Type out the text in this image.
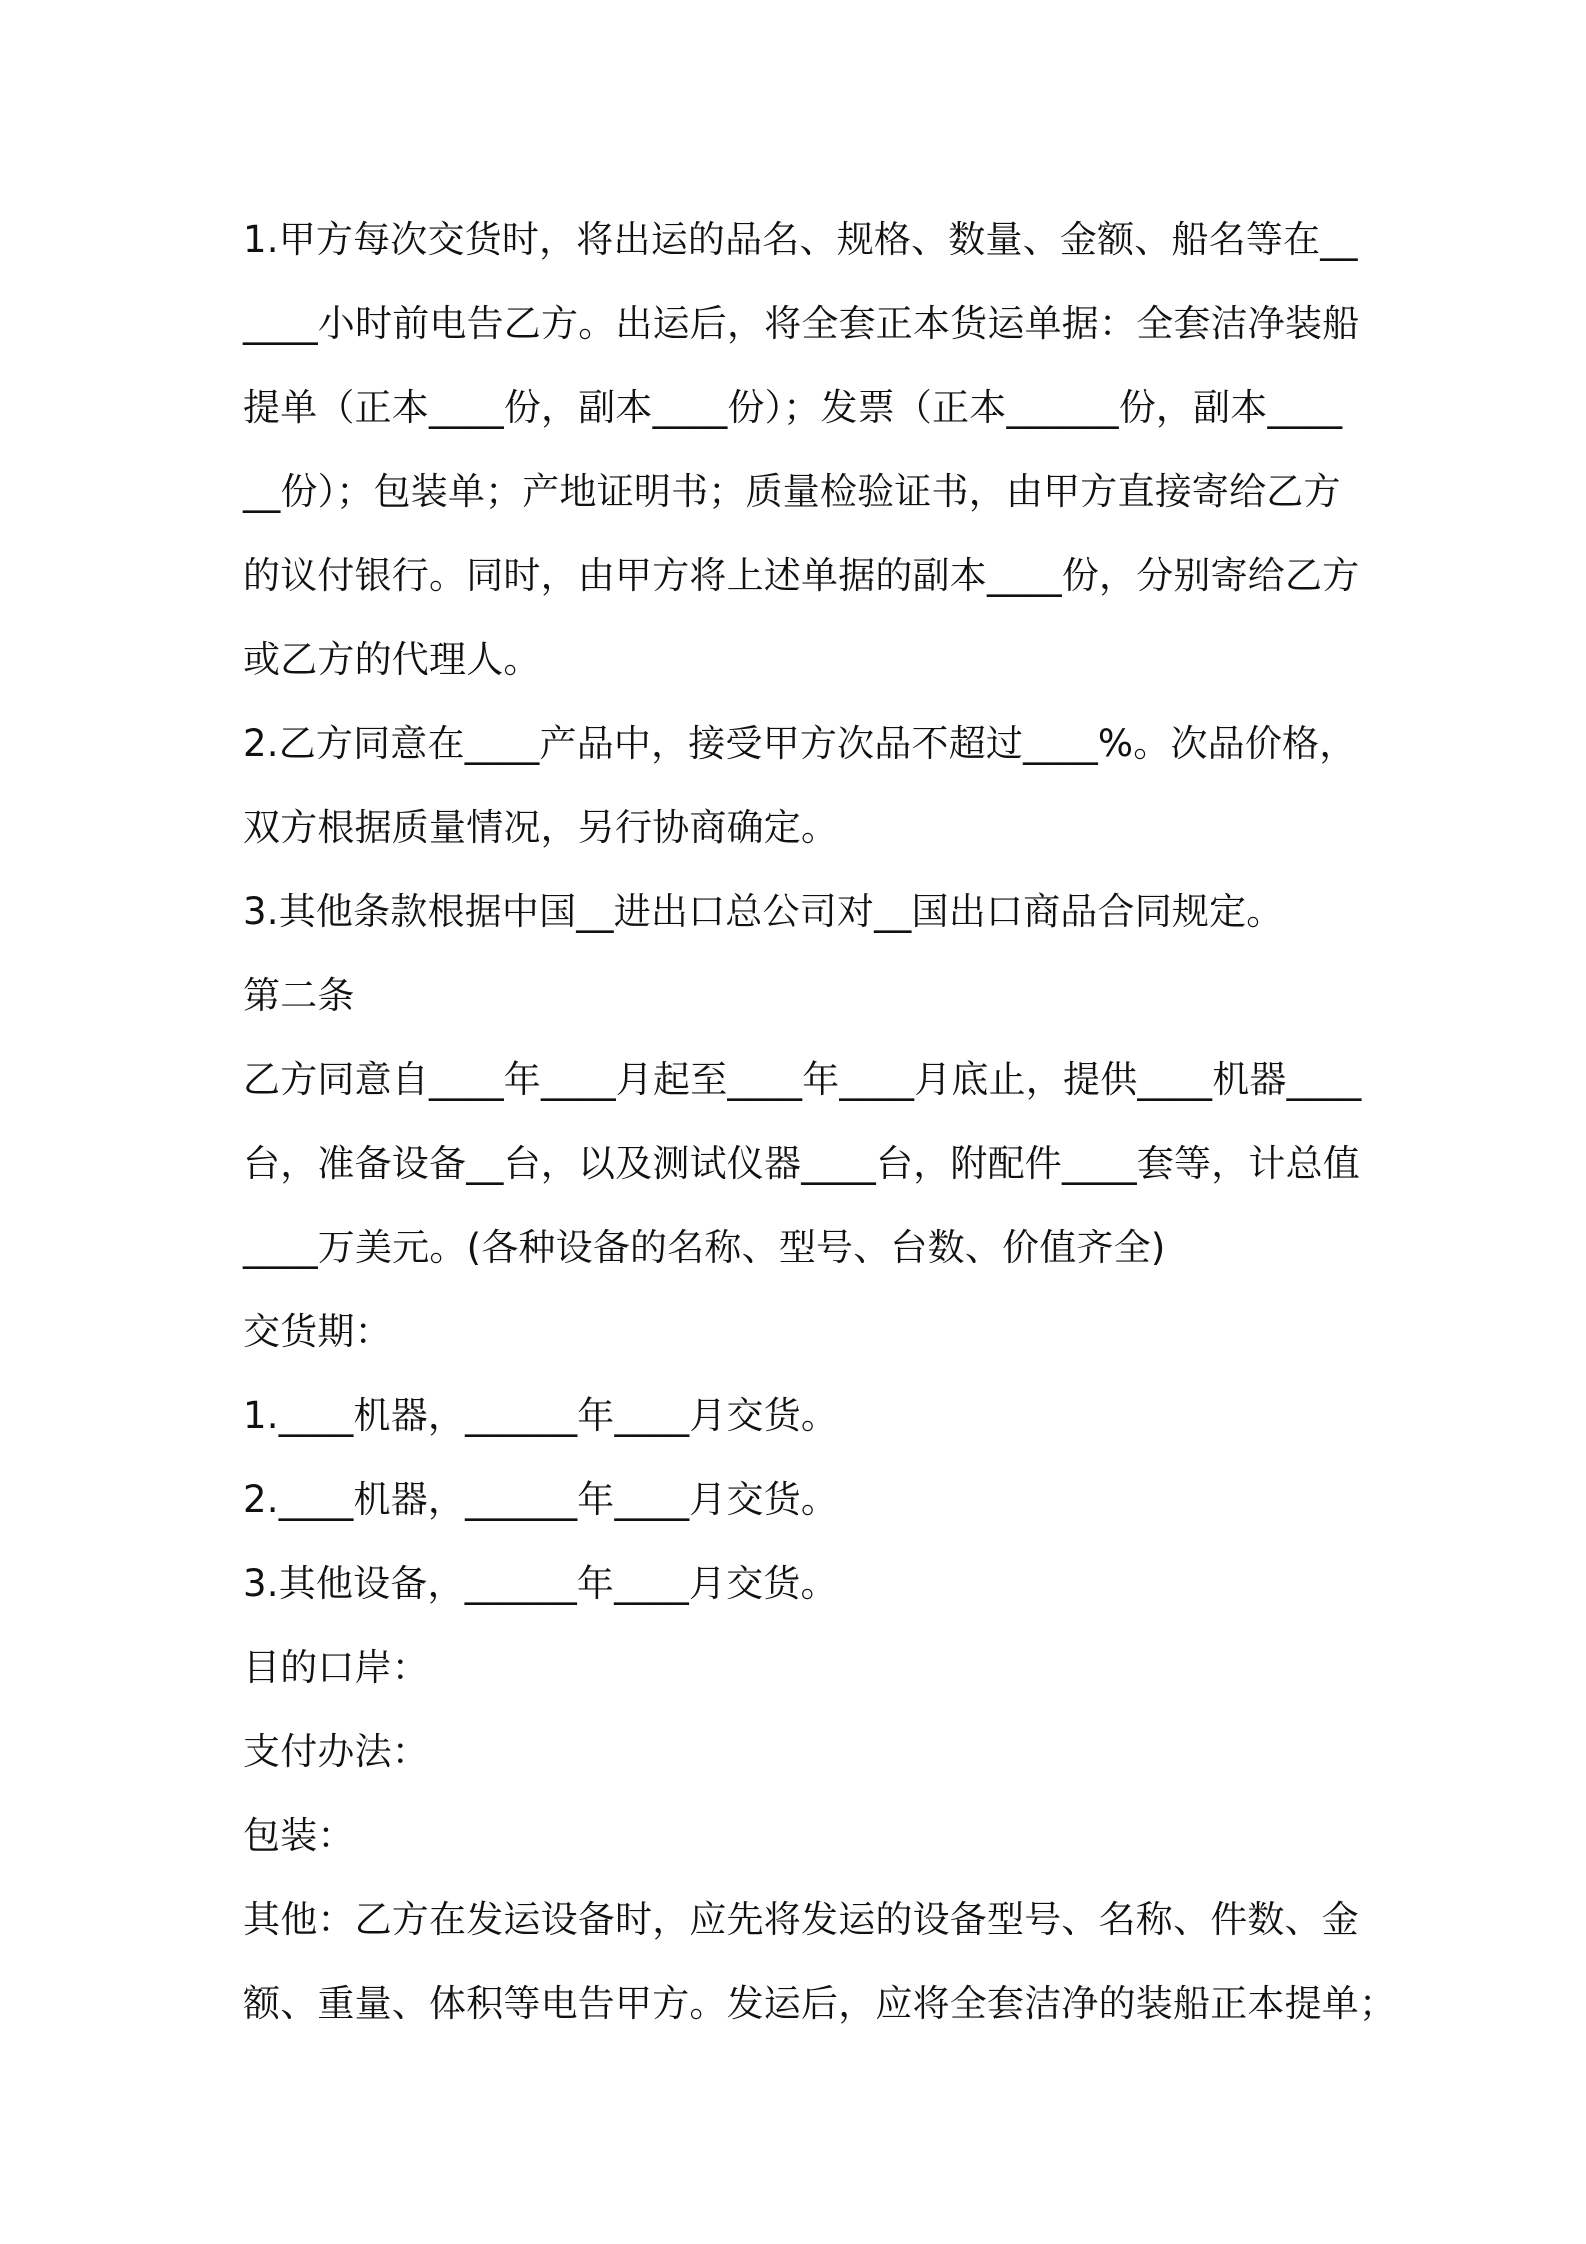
1.甲方每次交货时，将出运的品名、规格、数量、金额、船名等在__
____小时前电告乙方。出运后，将全套正本货运单据：全套洁净装船
提单（正本____份，副本____份）；发票（正本______份，副本____
__份）；包装单；产地证明书；质量检验证书，由甲方直接寄给乙方
的议付银行。同时，由甲方将上述单据的副本____份，分别寄给乙方
或乙方的代理人。
2.乙方同意在____产品中，接受甲方次品不超过____%。次品价格，
双方根据质量情况，另行协商确定。
3.其他条款根据中国__进出口总公司对__国出口商品合同规定。
第二条
乙方同意自____年____月起至____年____月底止，提供____机器____
台，准备设备__台，以及测试仪器____台，附配件____套等，计总值
____万美元。(各种设备的名称、型号、台数、价值齐全)
交货期：
1.____机器，______年____月交货。
2.____机器，______年____月交货。
3.其他设备，______年____月交货。
目的口岸：
支付办法：
包装：
其他：乙方在发运设备时，应先将发运的设备型号、名称、件数、金
额、重量、体积等电告甲方。发运后，应将全套洁净的装船正本提单；
